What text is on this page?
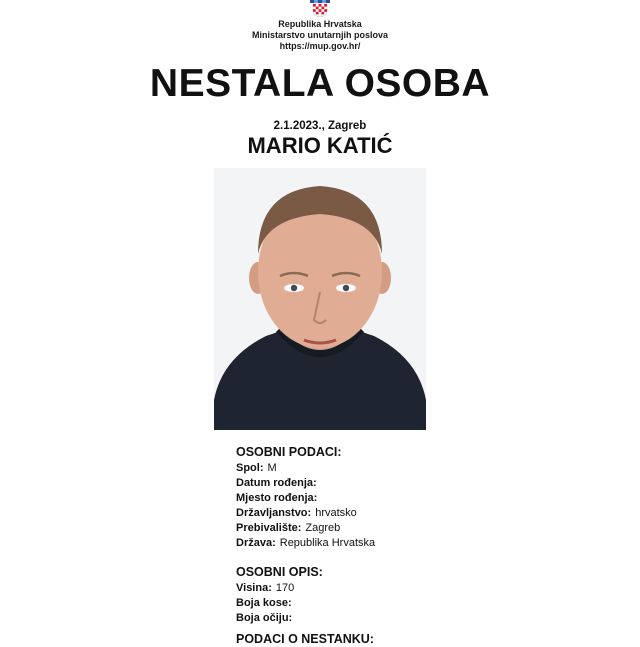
Republika Hrvatska
Ministarstvo unutarnjih poslova
https://mup.gov.hr/
NESTALA OSOBA
2.1.2023., Zagreb
MARIO KATIĆ
OSOBNI PODACI:
Spol: M
Datum rođenja:
Mjesto rođenja:
Državljanstvo: hrvatsko
Prebivalište: Zagreb
Država: Republika Hrvatska
OSOBNI OPIS:
Visina: 170
Boja kose:
Boja očiju:
PODACI O NESTANKU:
